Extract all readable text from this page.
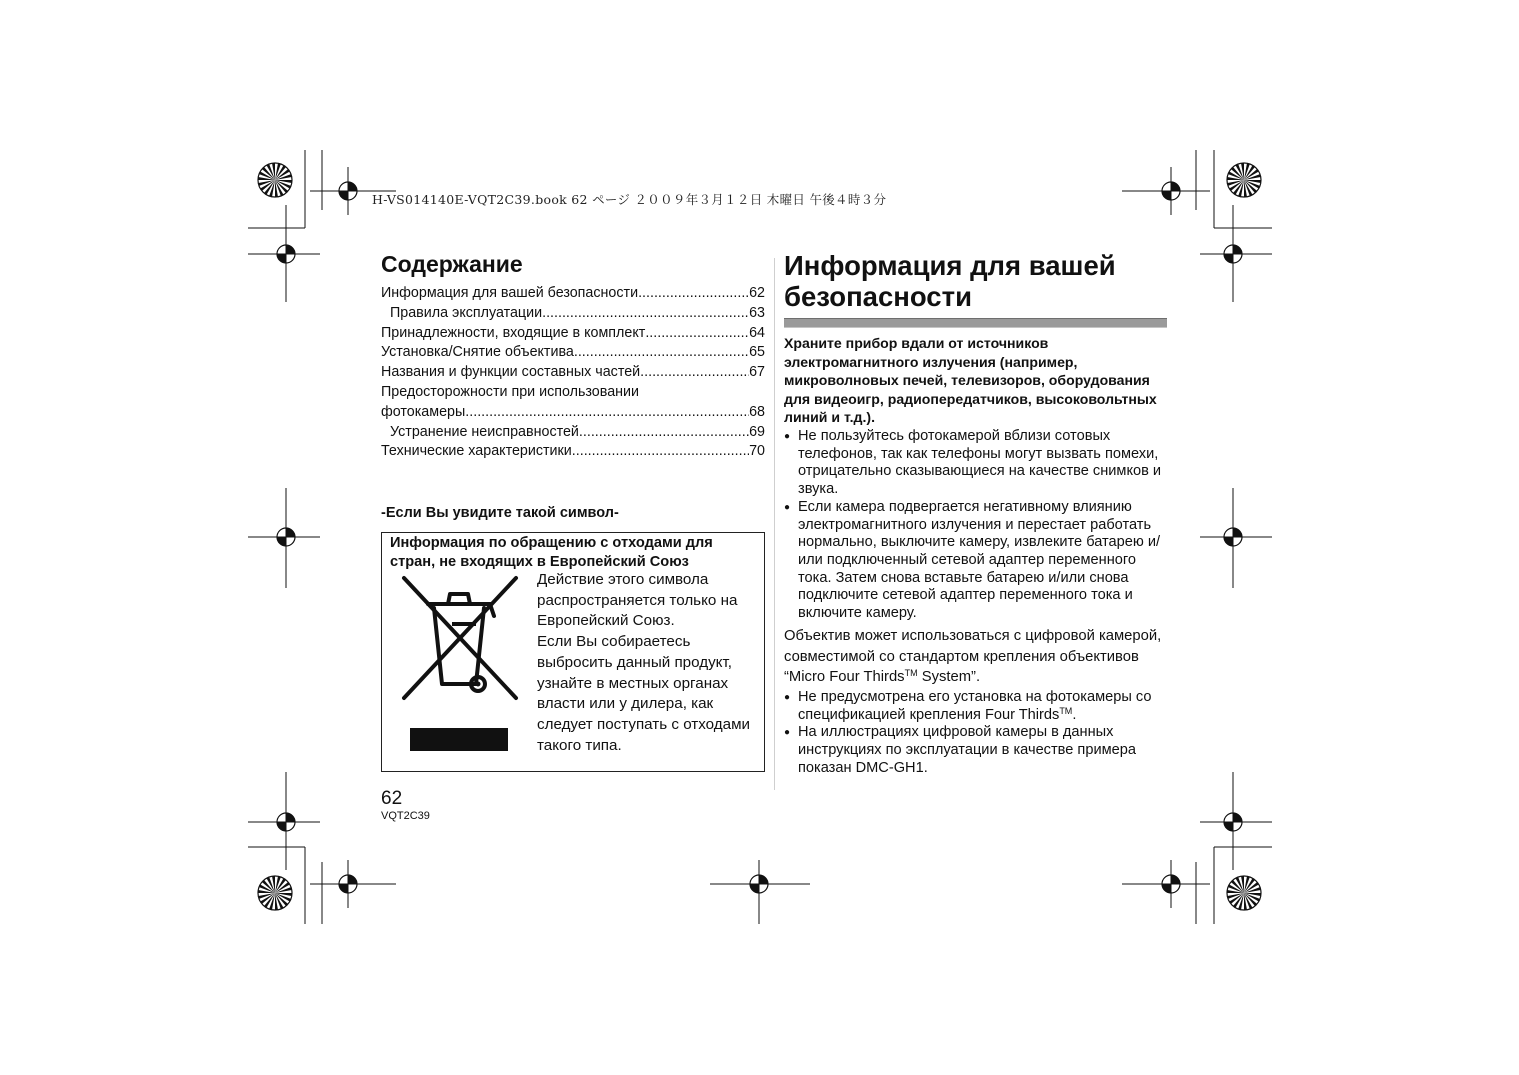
H-VS014140E-VQT2C39.book 62 ページ ２００９年３月１２日 木曜日 午後４時３分
Содержание
Информация для вашей безопасности .....	62
Правила эксплуатации .....	63
Принадлежности, входящие в комплект .....	64
Установка/Снятие объектива .....	65
Названия и функции составных частей .....	67
Предосторожности при использовании
фотокамеры .....	68
Устранение неисправностей .....	69
Технические характеристики .....	70
-Если Вы увидите такой символ-
Информация по обращению с отходами для стран, не входящих в Европейский Союз
Действие этого символа распространяется только на Европейский Союз.
Если Вы собираетесь выбросить данный продукт, узнайте в местных органах власти или у дилера, как следует поступать с отходами такого типа.
62
VQT2C39
Информация для вашей
безопасности
Храните прибор вдали от источников электромагнитного излучения (например, микроволновых печей, телевизоров, оборудования для видеоигр, радиопередатчиков, высоковольтных линий и т.д.).
● Не пользуйтесь фотокамерой вблизи сотовых телефонов, так как телефоны могут вызвать помехи, отрицательно сказывающиеся на качестве снимков и звука.
● Если камера подвергается негативному влиянию электромагнитного излучения и перестает работать нормально, выключите камеру, извлеките батарею и/или подключенный сетевой адаптер переменного тока. Затем снова вставьте батарею и/или снова подключите сетевой адаптер переменного тока и включите камеру.
Объектив может использоваться с цифровой камерой, совместимой со стандартом крепления объективов “Micro Four Thirds™ System”.
● Не предусмотрена его установка на фотокамеры со спецификацией крепления Four Thirds™.
● На иллюстрациях цифровой камеры в данных инструкциях по эксплуатации в качестве примера показан DMC-GH1.
